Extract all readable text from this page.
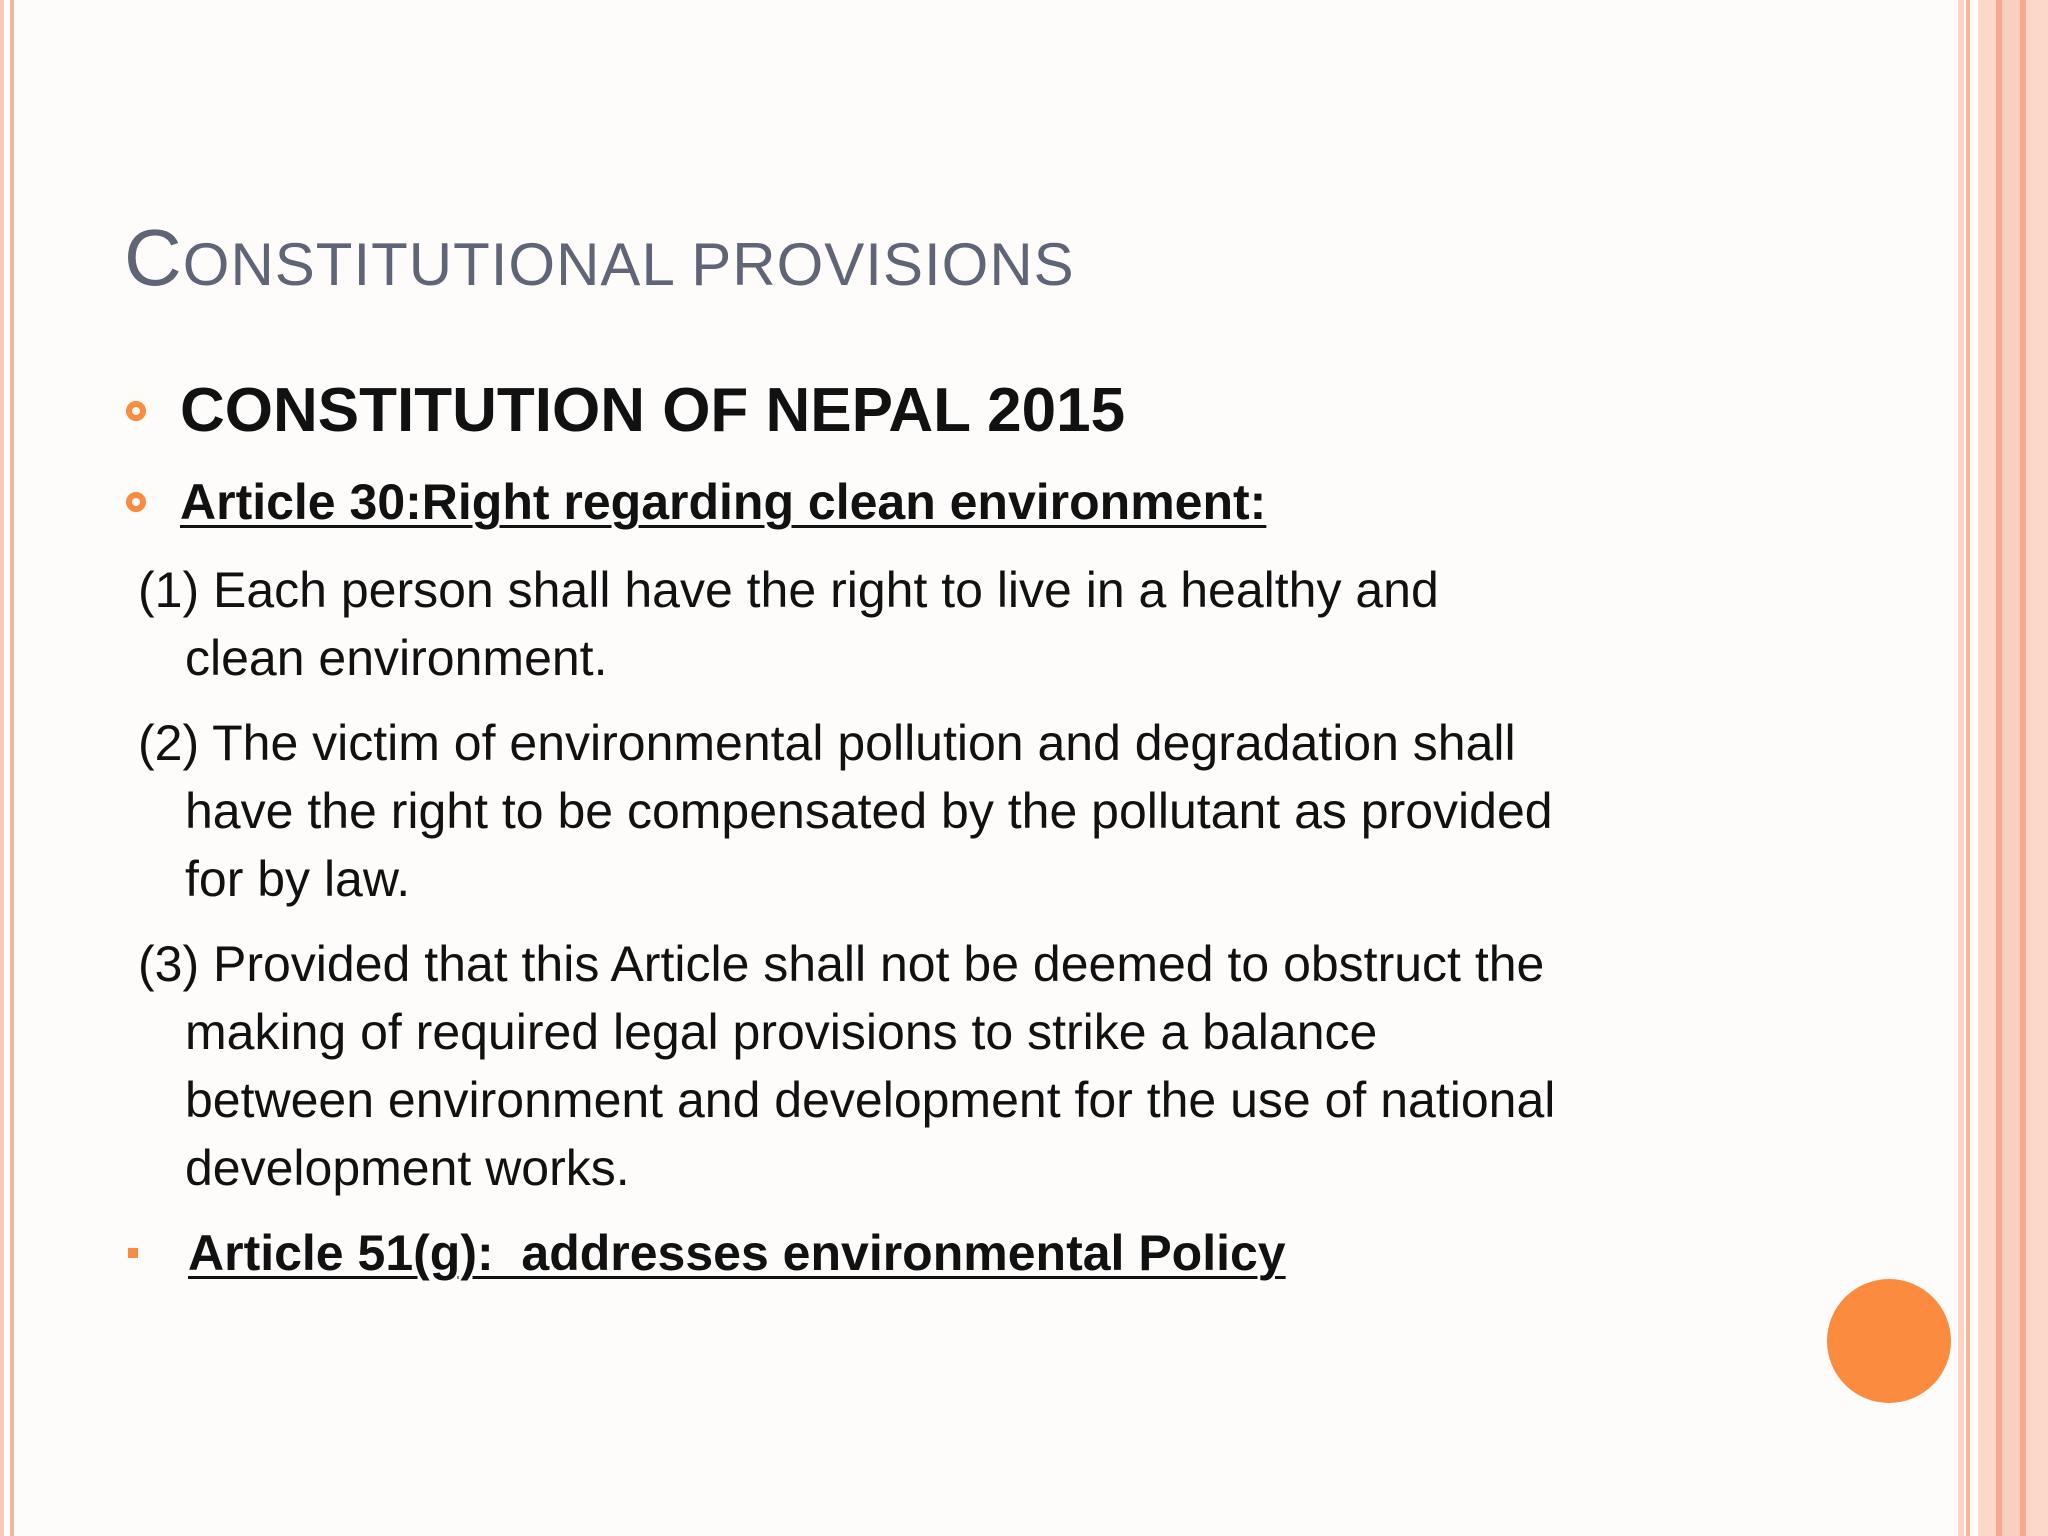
CONSTITUTIONAL PROVISIONS
CONSTITUTION OF NEPAL 2015
Article 30:Right regarding clean environment:
(1) Each person shall have the right to live in a healthy and
clean environment.
(2) The victim of environmental pollution and degradation shall
have the right to be compensated by the pollutant as provided
for by law.
(3) Provided that this Article shall not be deemed to obstruct the
making of required legal provisions to strike a balance
between environment and development for the use of national
development works.
Article 51(g):  addresses environmental Policy
